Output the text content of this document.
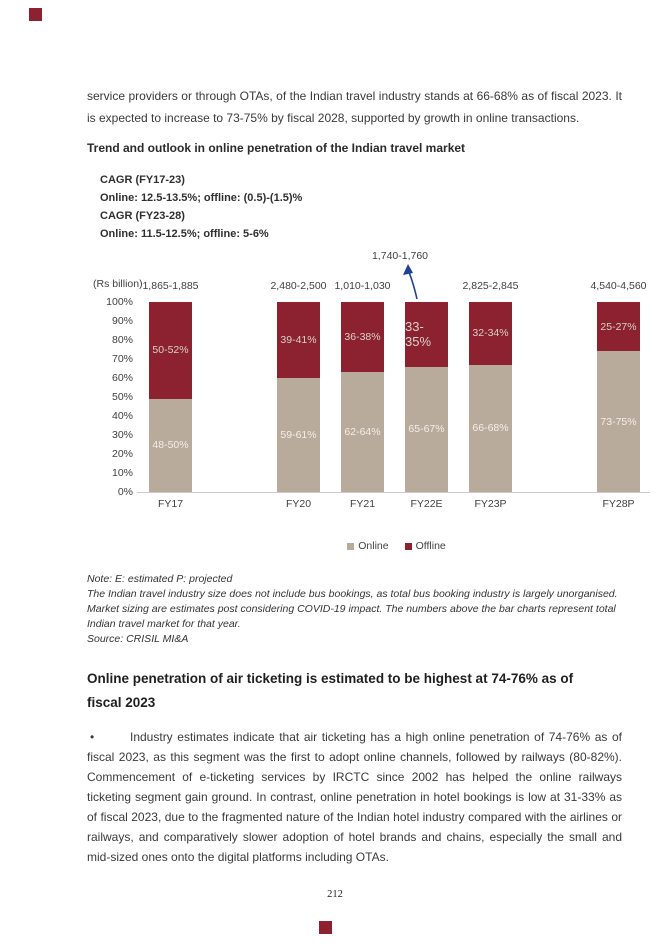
service providers or through OTAs, of the Indian travel industry stands at 66-68% as of fiscal 2023. It is expected to increase to 73-75% by fiscal 2028, supported by growth in online transactions.

Trend and outlook in online penetration of the Indian travel market
CAGR (FY17-23)
Online: 12.5-13.5%; offline: (0.5)-(1.5)%
CAGR (FY23-28)
Online: 11.5-12.5%; offline: 5-6%
(Rs billion)
Online	Offline
100%
90%
80%
70%
60%
50%
40%
30%
20%
10%
0%
50-52%
48-50%
1,865-1,885
FY17
39-41%
59-61%
2,480-2,500
FY20
36-38%
62-64%
1,010-1,030
FY21
33-35%
65-67%
1,740-1,760
FY22E
32-34%
66-68%
2,825-2,845
FY23P
25-27%
73-75%
4,540-4,560
FY28P
Note: E: estimated P: projected
The Indian travel industry size does not include bus bookings, as total bus booking industry is largely unorganised. Market sizing are estimates post considering COVID-19 impact. The numbers above the bar charts represent total Indian travel market for that year.
Source: CRISIL MI&A
Online penetration of air ticketing is estimated to be highest at 74-76% as of fiscal 2023

•	Industry estimates indicate that air ticketing has a high online penetration of 74-76% as of fiscal 2023, as this segment was the first to adopt online channels, followed by railways (80-82%). Commencement of e-ticketing services by IRCTC since 2002 has helped the online railways ticketing segment gain ground. In contrast, online penetration in hotel bookings is low at 31-33% as of fiscal 2023, due to the fragmented nature of the Indian hotel industry compared with the airlines or railways, and comparatively slower adoption of hotel brands and chains, especially the small and mid-sized ones onto the digital platforms including OTAs.

212
